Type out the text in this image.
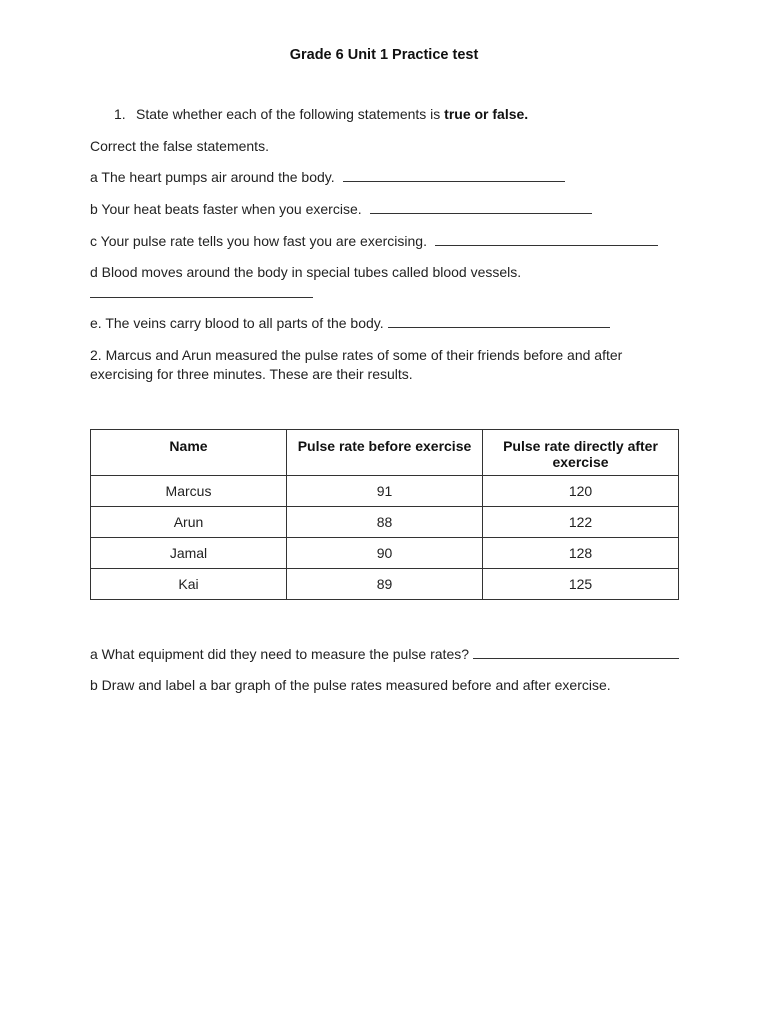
Grade 6 Unit 1 Practice test
1. State whether each of the following statements is true or false.
Correct the false statements.
a The heart pumps air around the body.
b Your heat beats faster when you exercise.
c Your pulse rate tells you how fast you are exercising.
d Blood moves around the body in special tubes called blood vessels.
e. The veins carry blood to all parts of the body.
2. Marcus and Arun measured the pulse rates of some of their friends before and after exercising for three minutes. These are their results.
Name	Pulse rate before exercise	Pulse rate directly after exercise
Marcus	91	120
Arun	88	122
Jamal	90	128
Kai	89	125
a What equipment did they need to measure the pulse rates?
b Draw and label a bar graph of the pulse rates measured before and after exercise.
